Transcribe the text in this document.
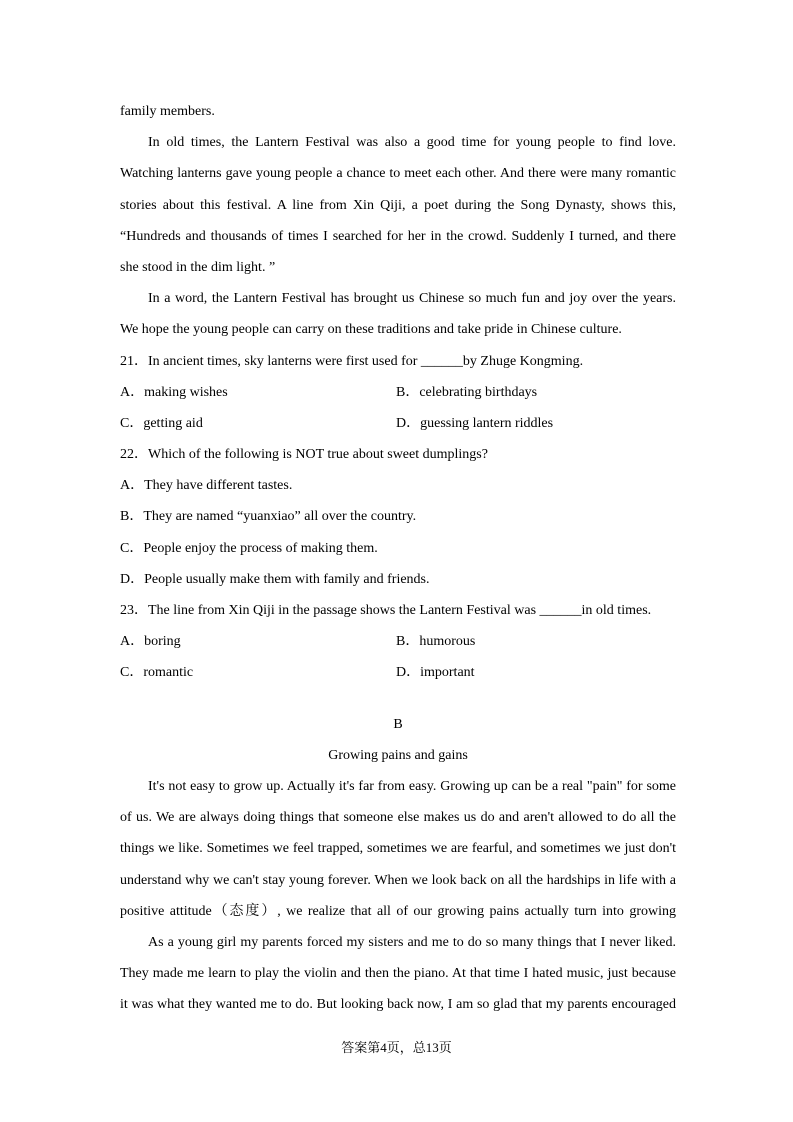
family members.
In old times, the Lantern Festival was also a good time for young people to find love.
Watching lanterns gave young people a chance to meet each other. And there were many romantic
stories about this festival. A line from Xin Qiji, a poet during the Song Dynasty, shows this,
“Hundreds and thousands of times I searched for her in the crowd. Suddenly I turned, and there
she stood in the dim light. ”
In a word, the Lantern Festival has brought us Chinese so much fun and joy over the years.
We hope the young people can carry on these traditions and take pride in Chinese culture.
21．In ancient times, sky lanterns were first used for ______by Zhuge Kongming.
A．making wishes	B．celebrating birthdays
C．getting aid	D．guessing lantern riddles
22．Which of the following is NOT true about sweet dumplings?
A．They have different tastes.
B．They are named “yuanxiao” all over the country.
C．People enjoy the process of making them.
D．People usually make them with family and friends.
23．The line from Xin Qiji in the passage shows the Lantern Festival was ______in old times.
A．boring	B．humorous
C．romantic	D．important
B
Growing pains and gains
It's not easy to grow up. Actually it's far from easy. Growing up can be a real "pain" for some
of us. We are always doing things that someone else makes us do and aren't allowed to do all the
things we like. Sometimes we feel trapped, sometimes we are fearful, and sometimes we just don't
understand why we can't stay young forever. When we look back on all the hardships in life with a
positive attitude（态度）, we realize that all of our growing pains actually turn into growing
As a young girl my parents forced my sisters and me to do so many things that I never liked.
They made me learn to play the violin and then the piano. At that time I hated music, just because
it was what they wanted me to do. But looking back now, I am so glad that my parents encouraged
答案第4页，总13页
